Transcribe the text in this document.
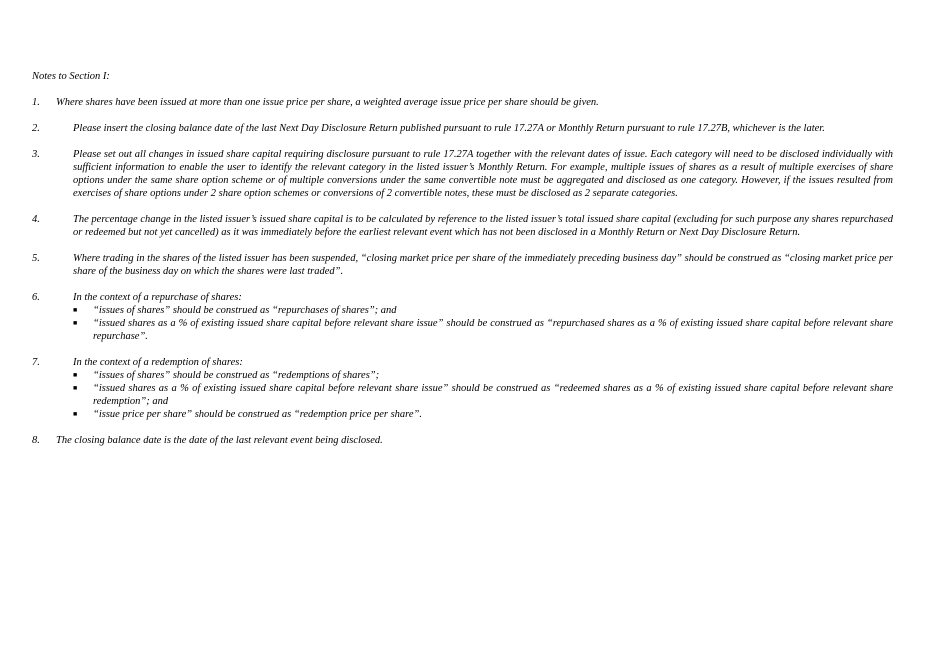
Notes to Section I:

1.	Where shares have been issued at more than one issue price per share, a weighted average issue price per share should be given.
2.	Please insert the closing balance date of the last Next Day Disclosure Return published pursuant to rule 17.27A or Monthly Return pursuant to rule 17.27B, whichever is the later.
3.	Please set out all changes in issued share capital requiring disclosure pursuant to rule 17.27A together with the relevant dates of issue. Each category will need to be disclosed individually with sufficient information to enable the user to identify the relevant category in the listed issuer’s Monthly Return. For example, multiple issues of shares as a result of multiple exercises of share options under the same share option scheme or of multiple conversions under the same convertible note must be aggregated and disclosed as one category. However, if the issues resulted from exercises of share options under 2 share option schemes or conversions of 2 convertible notes, these must be disclosed as 2 separate categories.
4.	The percentage change in the listed issuer’s issued share capital is to be calculated by reference to the listed issuer’s total issued share capital (excluding for such purpose any shares repurchased or redeemed but not yet cancelled) as it was immediately before the earliest relevant event which has not been disclosed in a Monthly Return or Next Day Disclosure Return.
5.	Where trading in the shares of the listed issuer has been suspended, “closing market price per share of the immediately preceding business day” should be construed as “closing market price per share of the business day on which the shares were last traded”.
6.	In the context of a repurchase of shares:
■	“issues of shares” should be construed as “repurchases of shares”; and
■	“issued shares as a % of existing issued share capital before relevant share issue” should be construed as “repurchased shares as a % of existing issued share capital before relevant share repurchase”.
7.	In the context of a redemption of shares:
■	“issues of shares” should be construed as “redemptions of shares”;
■	“issued shares as a % of existing issued share capital before relevant share issue” should be construed as “redeemed shares as a % of existing issued share capital before relevant share redemption”; and
■	“issue price per share” should be construed as “redemption price per share”.
8.	The closing balance date is the date of the last relevant event being disclosed.
